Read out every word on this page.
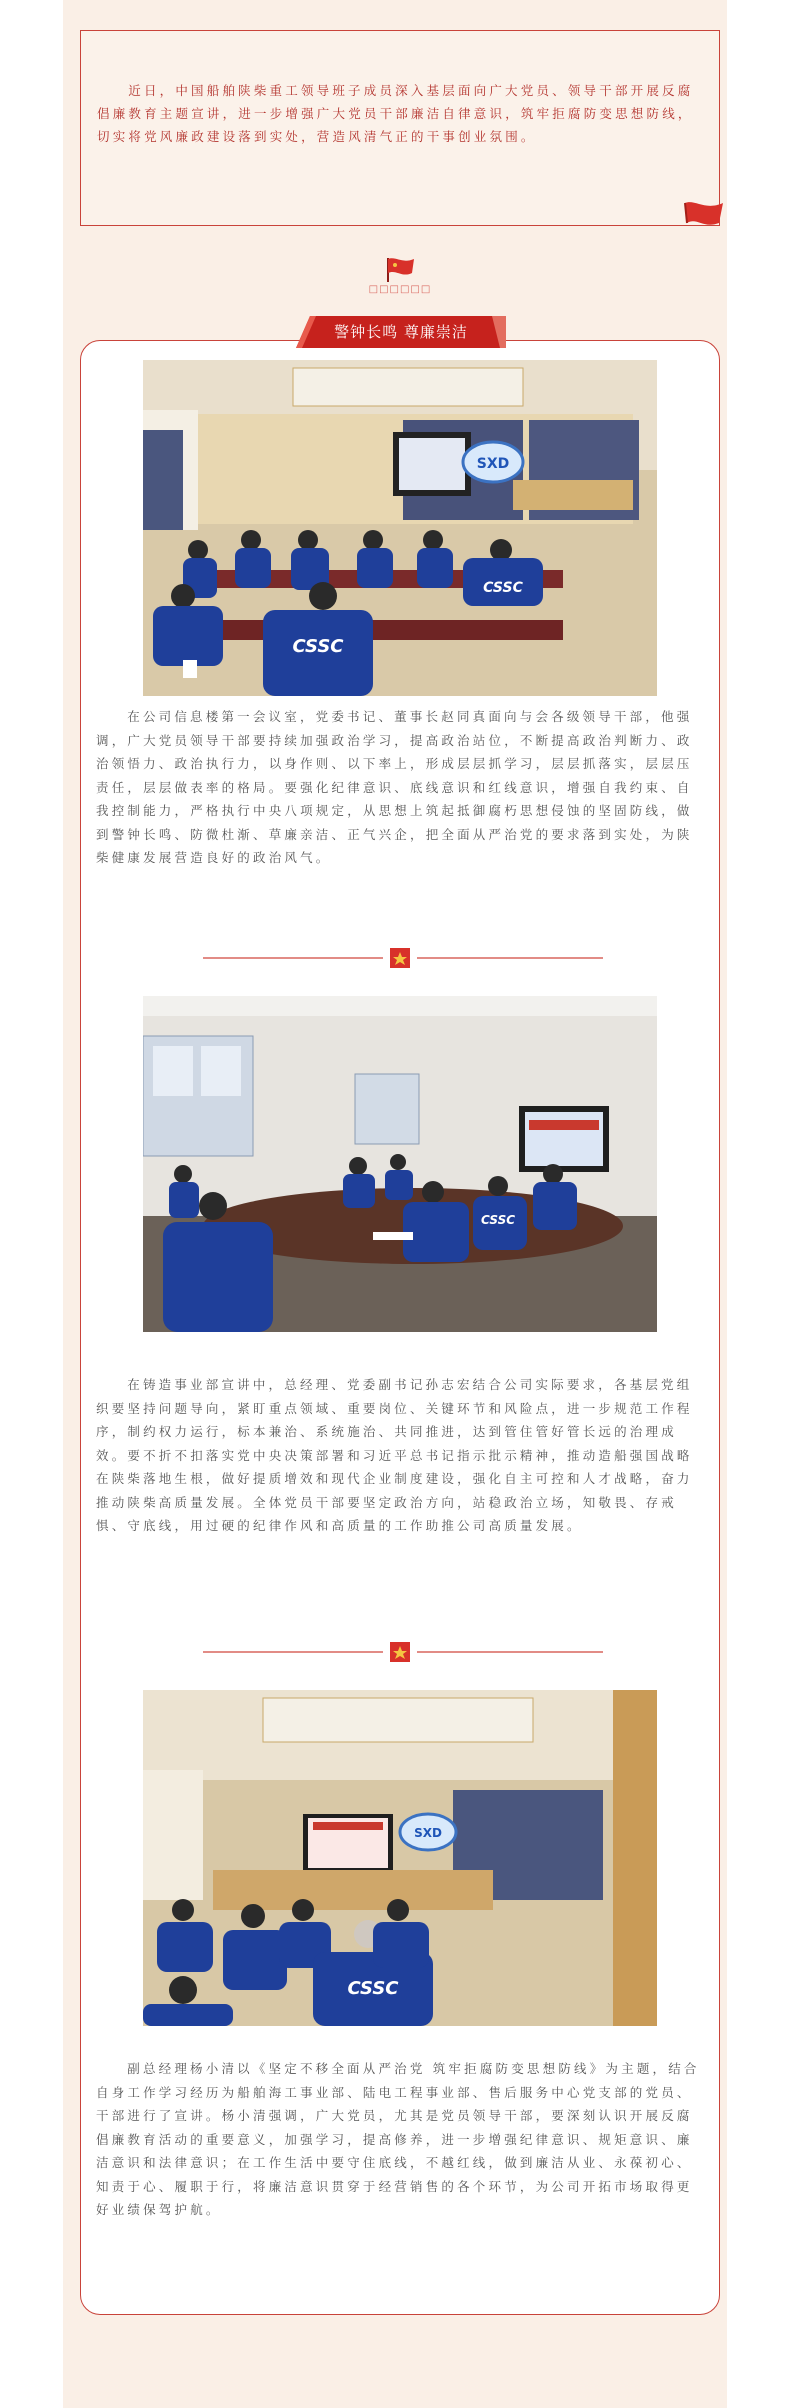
近日，中国船舶陕柴重工领导班子成员深入基层面向广大党员、领导干部开展反腐倡廉教育主题宣讲，进一步增强广大党员干部廉洁自律意识，筑牢拒腐防变思想防线，切实将党风廉政建设落到实处，营造风清气正的干事创业氛围。

□□□□□□
警钟长鸣 尊廉崇洁
SXD
CSSC
CSSC

在公司信息楼第一会议室，党委书记、董事长赵同真面向与会各级领导干部，他强调，广大党员领导干部要持续加强政治学习，提高政治站位，不断提高政治判断力、政治领悟力、政治执行力，以身作则、以下率上，形成层层抓学习，层层抓落实，层层压责任，层层做表率的格局。要强化纪律意识、底线意识和红线意识，增强自我约束、自我控制能力，严格执行中央八项规定，从思想上筑起抵御腐朽思想侵蚀的坚固防线，做到警钟长鸣、防微杜渐、草廉亲洁、正气兴企，把全面从严治党的要求落到实处，为陕柴健康发展营造良好的政治风气。

CSSC

在铸造事业部宣讲中，总经理、党委副书记孙志宏结合公司实际要求，各基层党组织要坚持问题导向，紧盯重点领域、重要岗位、关键环节和风险点，进一步规范工作程序，制约权力运行，标本兼治、系统施治、共同推进，达到管住管好管长远的治理成效。要不折不扣落实党中央决策部署和习近平总书记指示批示精神，推动造船强国战略在陕柴落地生根，做好提质增效和现代企业制度建设，强化自主可控和人才战略，奋力推动陕柴高质量发展。全体党员干部要坚定政治方向，站稳政治立场，知敬畏、存戒惧、守底线，用过硬的纪律作风和高质量的工作助推公司高质量发展。

SXD
CSSC

副总经理杨小清以《坚定不移全面从严治党 筑牢拒腐防变思想防线》为主题，结合自身工作学习经历为船舶海工事业部、陆电工程事业部、售后服务中心党支部的党员、干部进行了宣讲。杨小清强调，广大党员，尤其是党员领导干部，要深刻认识开展反腐倡廉教育活动的重要意义，加强学习，提高修养，进一步增强纪律意识、规矩意识、廉洁意识和法律意识；在工作生活中要守住底线，不越红线，做到廉洁从业、永葆初心、知责于心、履职于行，将廉洁意识贯穿于经营销售的各个环节，为公司开拓市场取得更好业绩保驾护航。
